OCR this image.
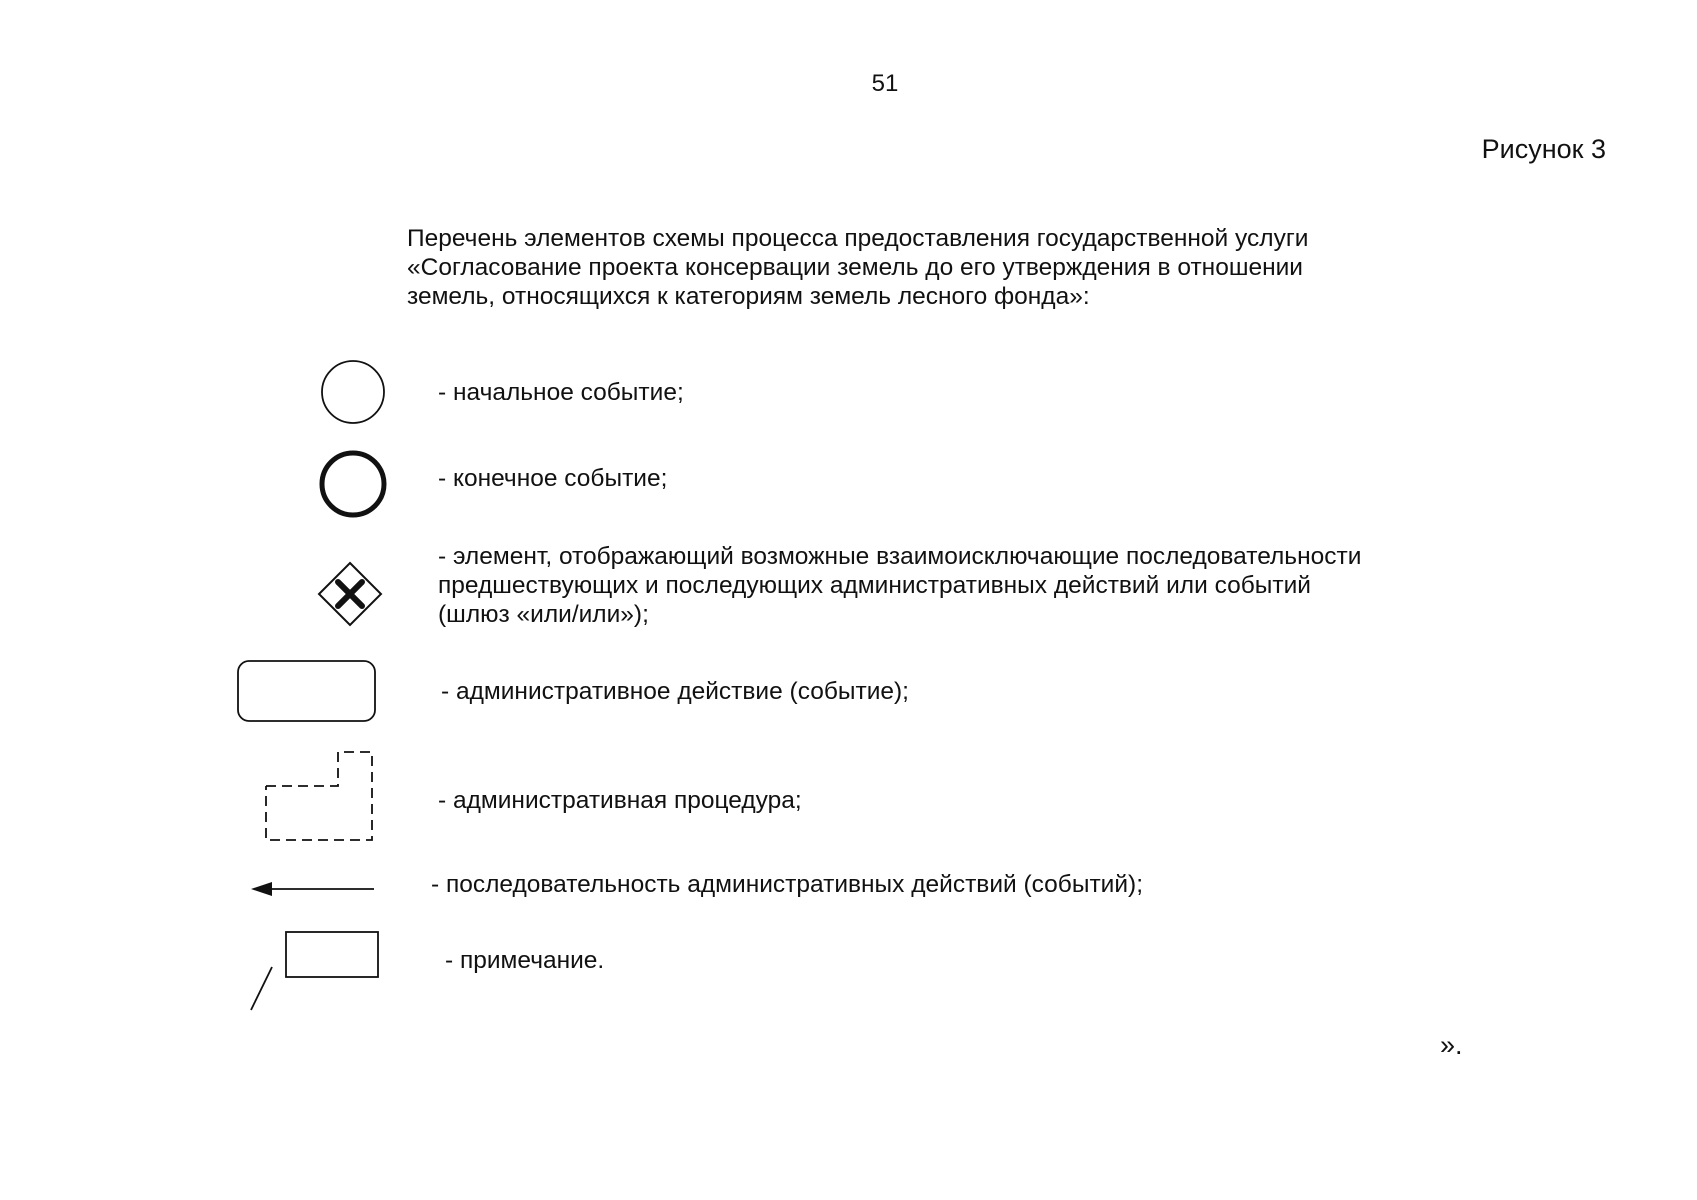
51
Рисунок 3
Перечень элементов схемы процесса предоставления государственной услуги
«Согласование проекта консервации земель до его утверждения в отношении
земель, относящихся к категориям земель лесного фонда»:
- начальное событие;
- конечное событие;
- элемент, отображающий возможные взаимоисключающие последовательности
предшествующих и последующих административных действий или событий
(шлюз «или/или»);
- административное действие (событие);
- административная процедура;
- последовательность административных действий (событий);
- примечание.
».
